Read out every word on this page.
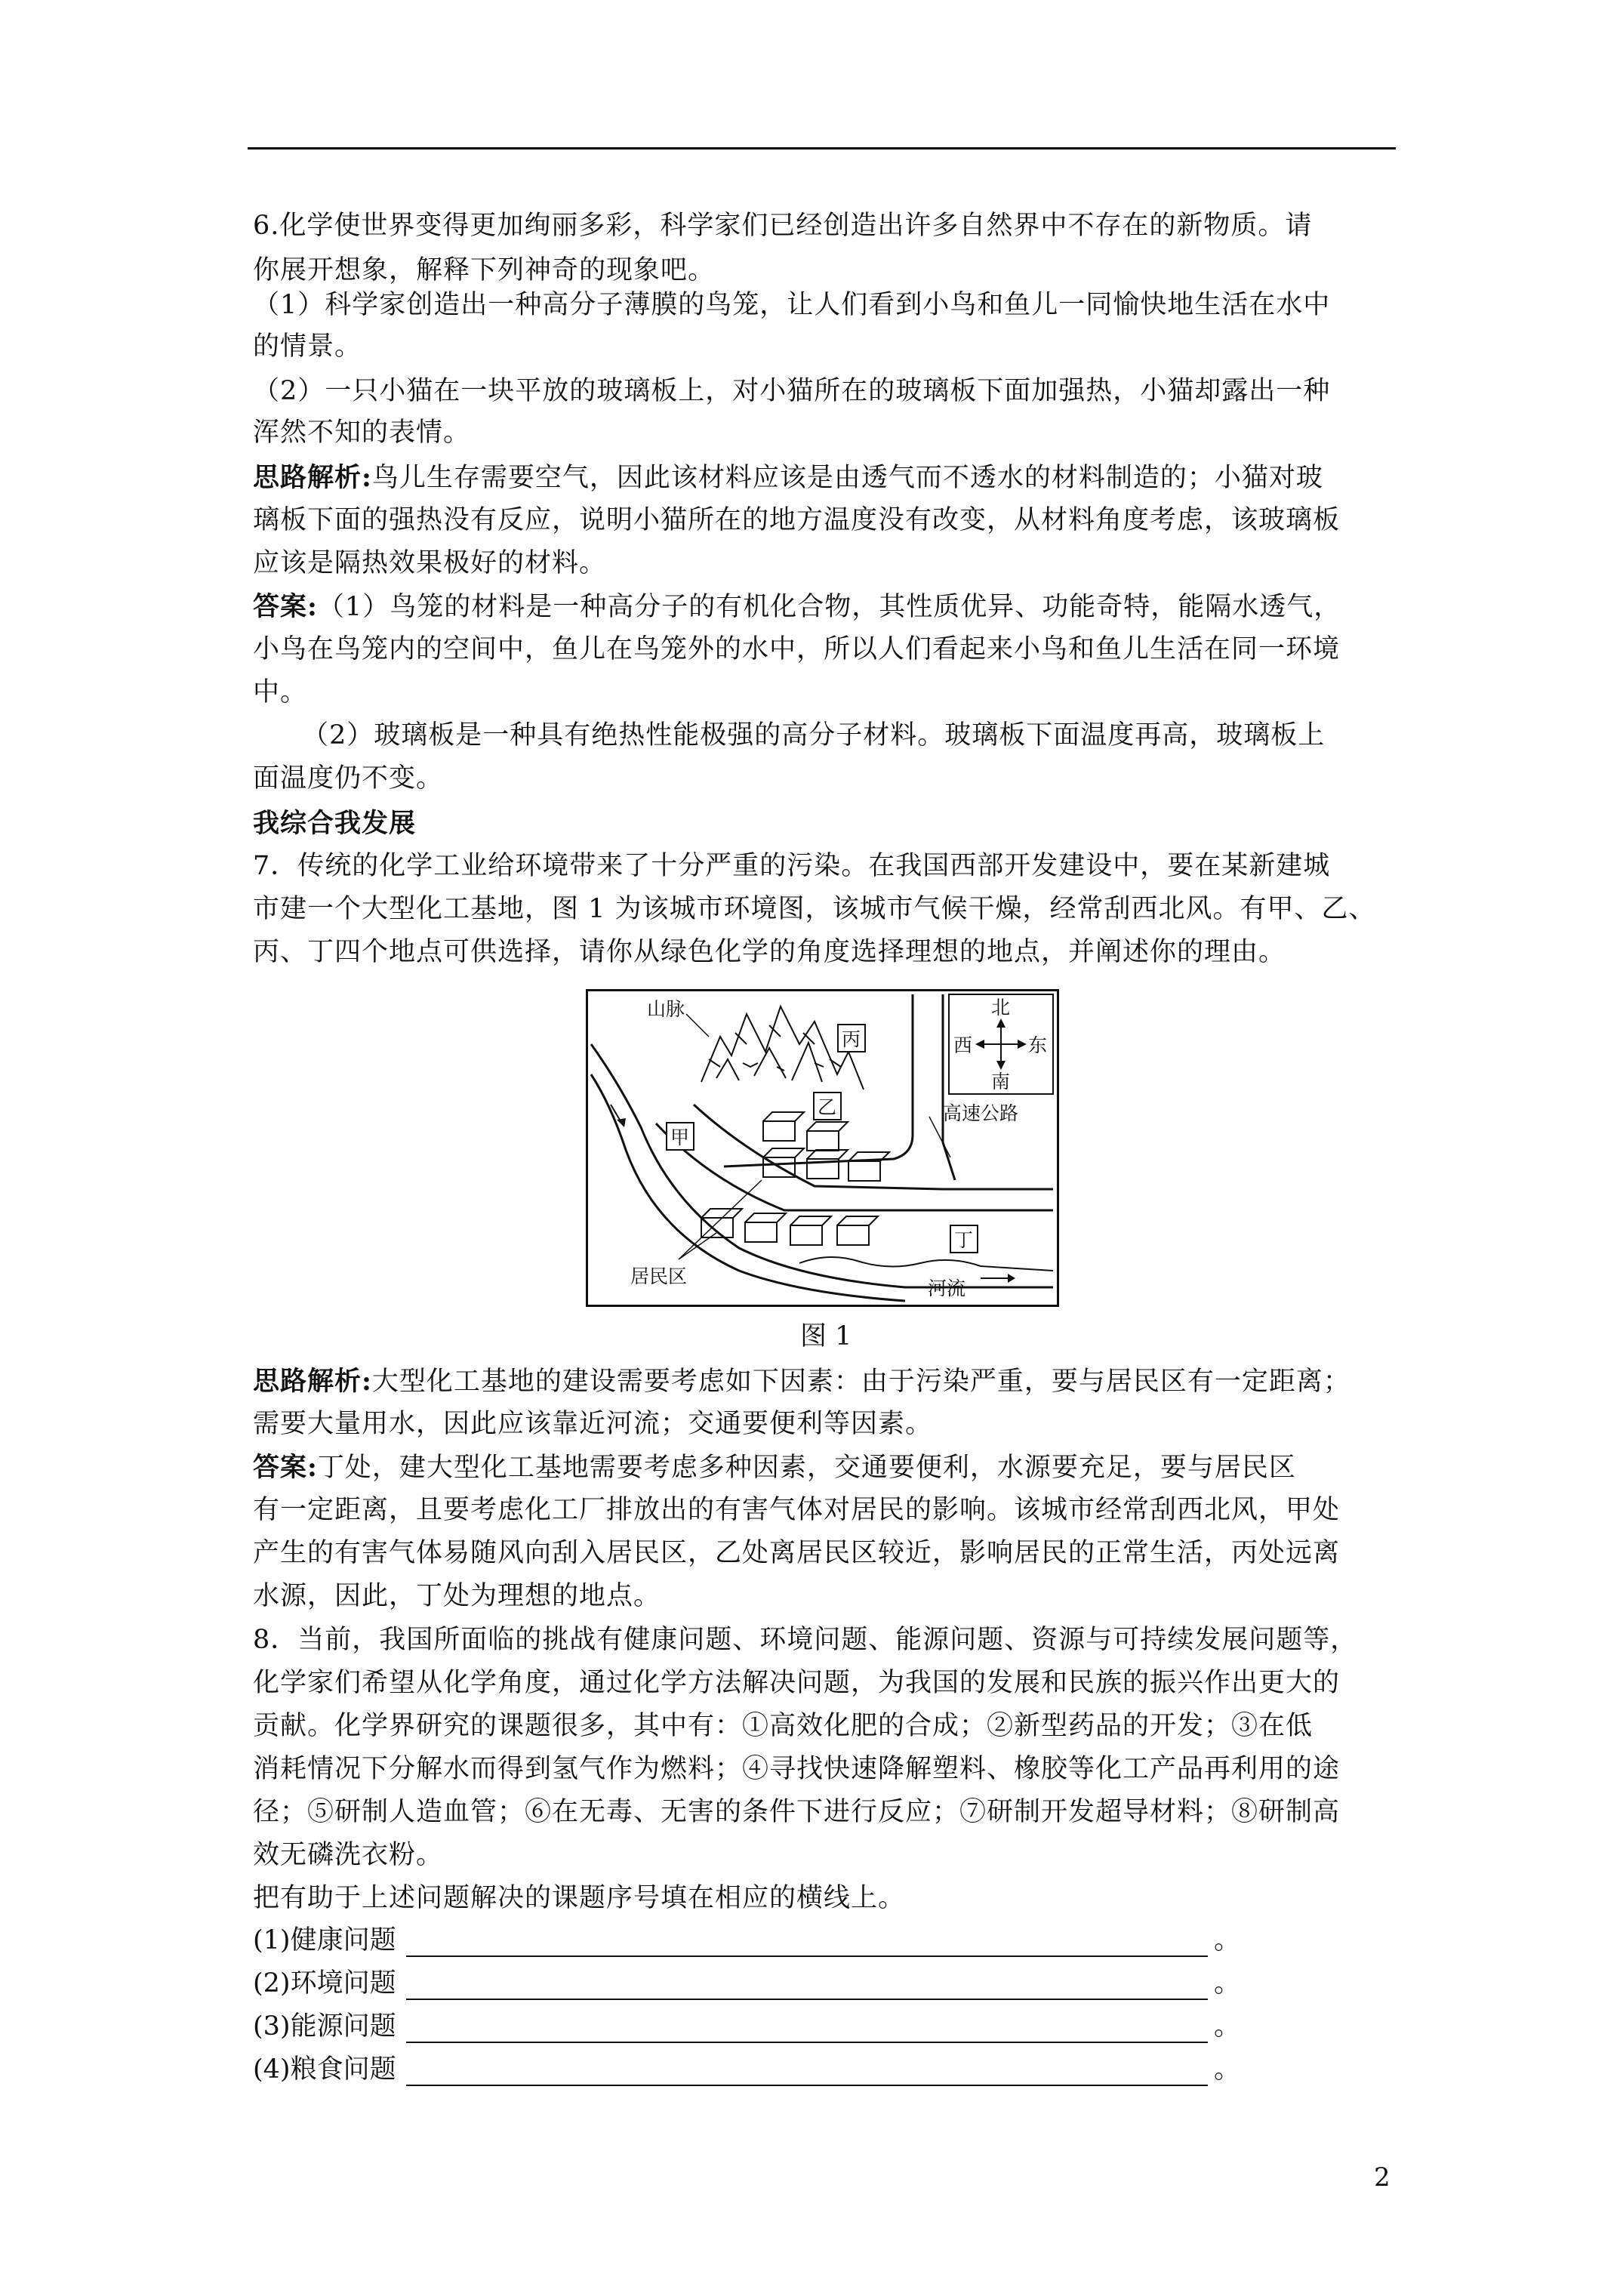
6.化学使世界变得更加绚丽多彩，科学家们已经创造出许多自然界中不存在的新物质。请
你展开想象，解释下列神奇的现象吧。
（1）科学家创造出一种高分子薄膜的鸟笼，让人们看到小鸟和鱼儿一同愉快地生活在水中
的情景。
（2）一只小猫在一块平放的玻璃板上，对小猫所在的玻璃板下面加强热，小猫却露出一种
浑然不知的表情。
思路解析:鸟儿生存需要空气，因此该材料应该是由透气而不透水的材料制造的；小猫对玻
璃板下面的强热没有反应，说明小猫所在的地方温度没有改变，从材料角度考虑，该玻璃板
应该是隔热效果极好的材料。
答案:（1）鸟笼的材料是一种高分子的有机化合物，其性质优异、功能奇特，能隔水透气，
小鸟在鸟笼内的空间中，鱼儿在鸟笼外的水中，所以人们看起来小鸟和鱼儿生活在同一环境
中。
（2）玻璃板是一种具有绝热性能极强的高分子材料。玻璃板下面温度再高，玻璃板上
面温度仍不变。
我综合我发展
7．传统的化学工业给环境带来了十分严重的污染。在我国西部开发建设中，要在某新建城
市建一个大型化工基地，图 1 为该城市环境图，该城市气候干燥，经常刮西北风。有甲、乙、
丙、丁四个地点可供选择，请你从绿色化学的角度选择理想的地点，并阐述你的理由。
北
西	东
南
山脉
高速公路
河流
居民区
丙
乙
甲
丁
图 1
思路解析:大型化工基地的建设需要考虑如下因素：由于污染严重，要与居民区有一定距离；
需要大量用水，因此应该靠近河流；交通要便利等因素。
答案:丁处，建大型化工基地需要考虑多种因素，交通要便利，水源要充足，要与居民区
有一定距离，且要考虑化工厂排放出的有害气体对居民的影响。该城市经常刮西北风，甲处
产生的有害气体易随风向刮入居民区，乙处离居民区较近，影响居民的正常生活，丙处远离
水源，因此，丁处为理想的地点。
8．当前，我国所面临的挑战有健康问题、环境问题、能源问题、资源与可持续发展问题等，
化学家们希望从化学角度，通过化学方法解决问题，为我国的发展和民族的振兴作出更大的
贡献。化学界研究的课题很多，其中有：①高效化肥的合成；②新型药品的开发；③在低
消耗情况下分解水而得到氢气作为燃料；④寻找快速降解塑料、橡胶等化工产品再利用的途
径；⑤研制人造血管；⑥在无毒、无害的条件下进行反应；⑦研制开发超导材料；⑧研制高
效无磷洗衣粉。
把有助于上述问题解决的课题序号填在相应的横线上。
(1)健康问题	。
(2)环境问题	。
(3)能源问题	。
(4)粮食问题	。
2
